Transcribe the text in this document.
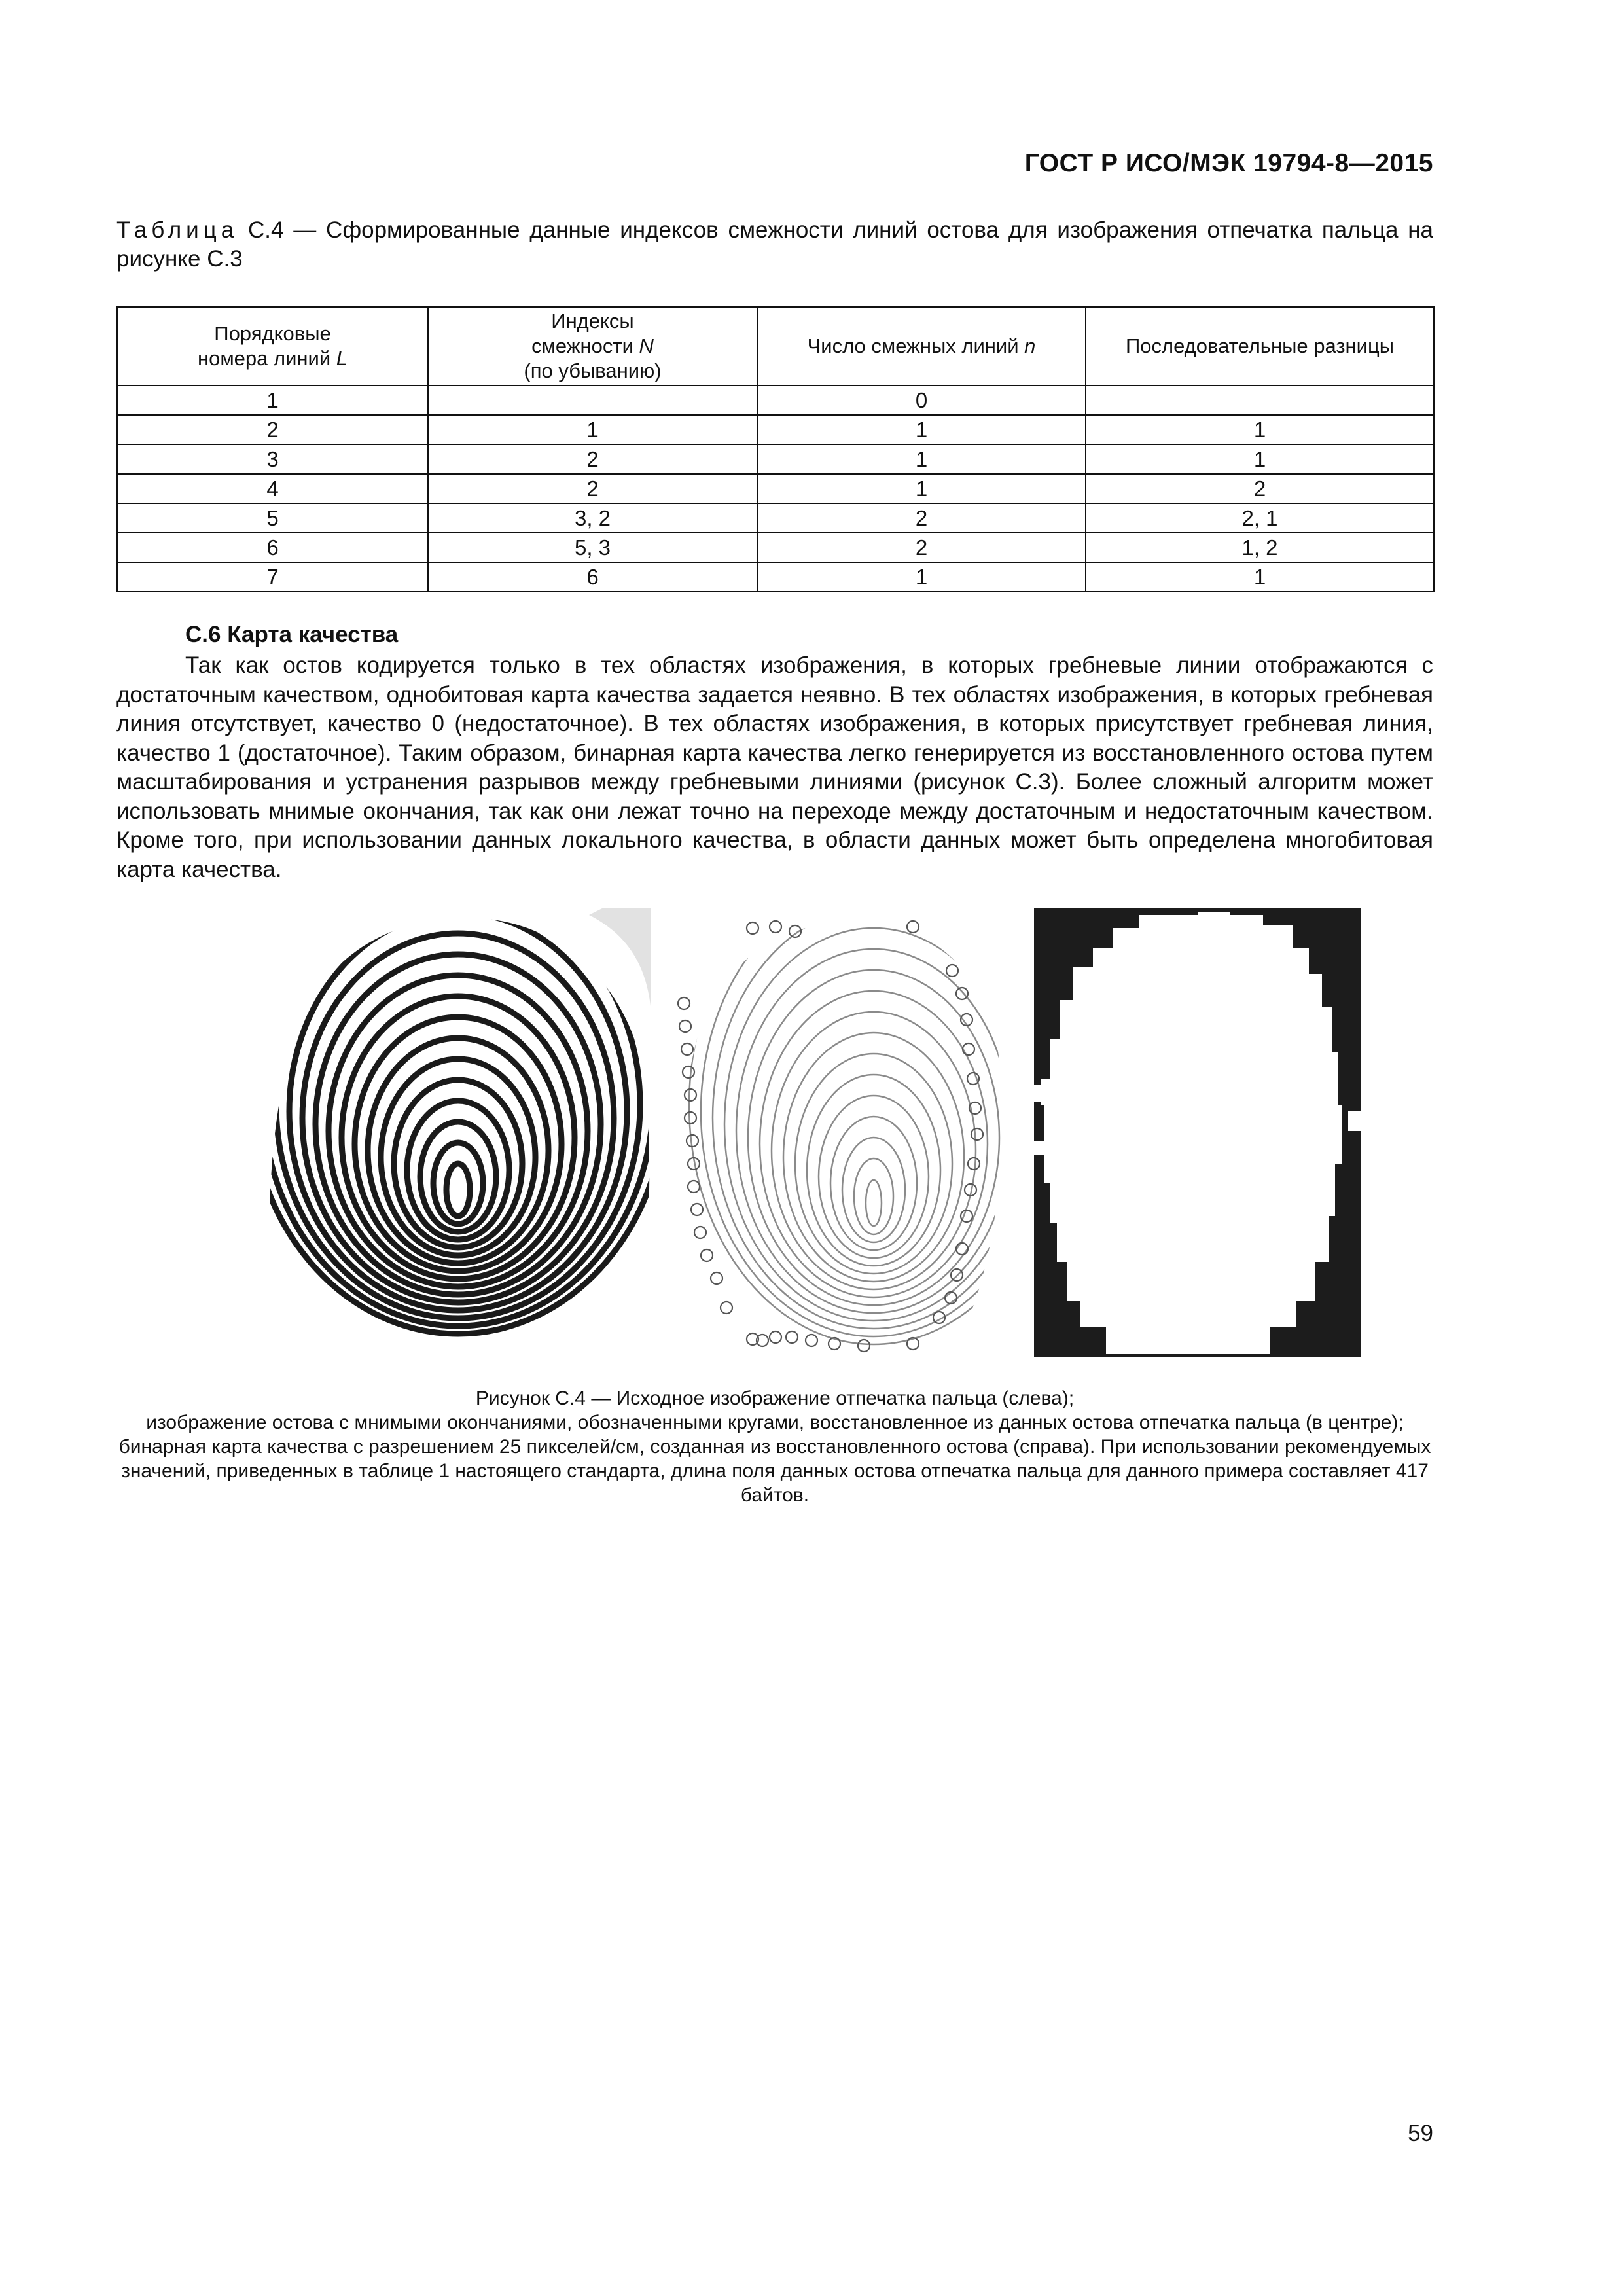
ГОСТ Р ИСО/МЭК 19794-8—2015
Таблица С.4 — Сформированные данные индексов смежности линий остова для изображения отпечатка пальца на рисунке С.3
Порядковые
номера линий L	Индексы
смежности N
(по убыванию)	Число смежных линий n	Последовательные разницы
1		0	
2	1	1	1
3	2	1	1
4	2	1	2
5	3, 2	2	2, 1
6	5, 3	2	1, 2
7	6	1	1
С.6 Карта качества
Так как остов кодируется только в тех областях изображения, в которых гребневые линии отображаются с достаточным качеством, однобитовая карта качества задается неявно. В тех областях изображения, в которых гребневая линия отсутствует, качество 0 (недостаточное). В тех областях изображения, в которых присутствует гребневая линия, качество 1 (достаточное). Таким образом, бинарная карта качества легко генерируется из восстановленного остова путем масштабирования и устранения разрывов между гребневыми линиями (рисунок С.3). Более сложный алгоритм может использовать мнимые окончания, так как они лежат точно на переходе между достаточным и недостаточным качеством. Кроме того, при использовании данных локального качества, в области данных может быть определена многобитовая карта качества.
Рисунок С.4 — Исходное изображение отпечатка пальца (слева);
изображение остова с мнимыми окончаниями, обозначенными кругами, восстановленное из данных остова отпечатка пальца (в центре); бинарная карта качества с разрешением 25 пикселей/см, созданная из восстановленного остова (справа). При использовании рекомендуемых значений, приведенных в таблице 1 настоящего стандарта, длина поля данных остова отпечатка пальца для данного примера составляет 417 байтов.
59
